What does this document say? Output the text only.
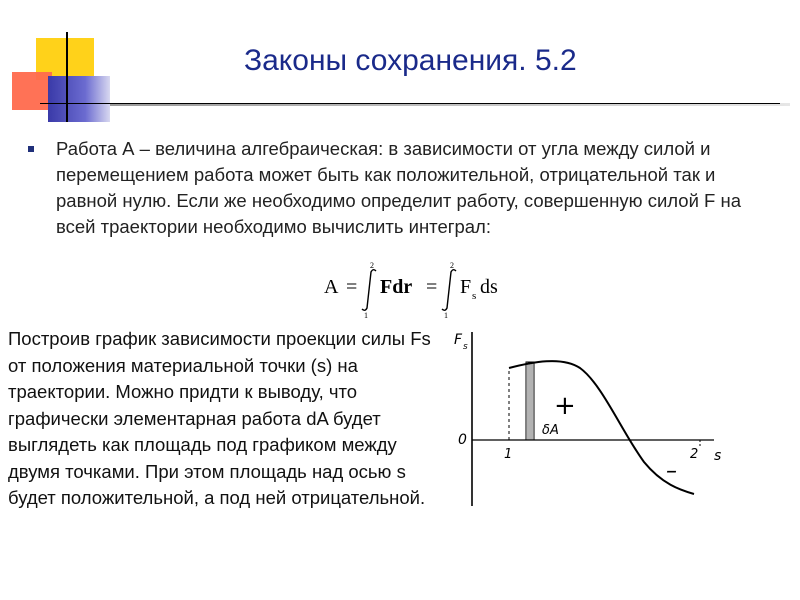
Законы сохранения. 5.2
Работа А – величина алгебраическая: в зависимости от угла между силой и перемещением работа может быть как положительной, отрицательной так и равной нулю. Если же необходимо определит работу, совершенную силой F на всей траектории необходимо вычислить интеграл:
A =
2
1
Fdr =
2
1
F s ds
Построив график зависимости проекции силы Fs от положения материальной точки (s) на траектории. Можно придти к выводу, что графически элементарная работа dA будет выглядеть как площадь под графиком между двумя точками. При этом площадь над осью s будет положительной, а под ней отрицательной.
F s
s
0
1	2
+
–
δA
